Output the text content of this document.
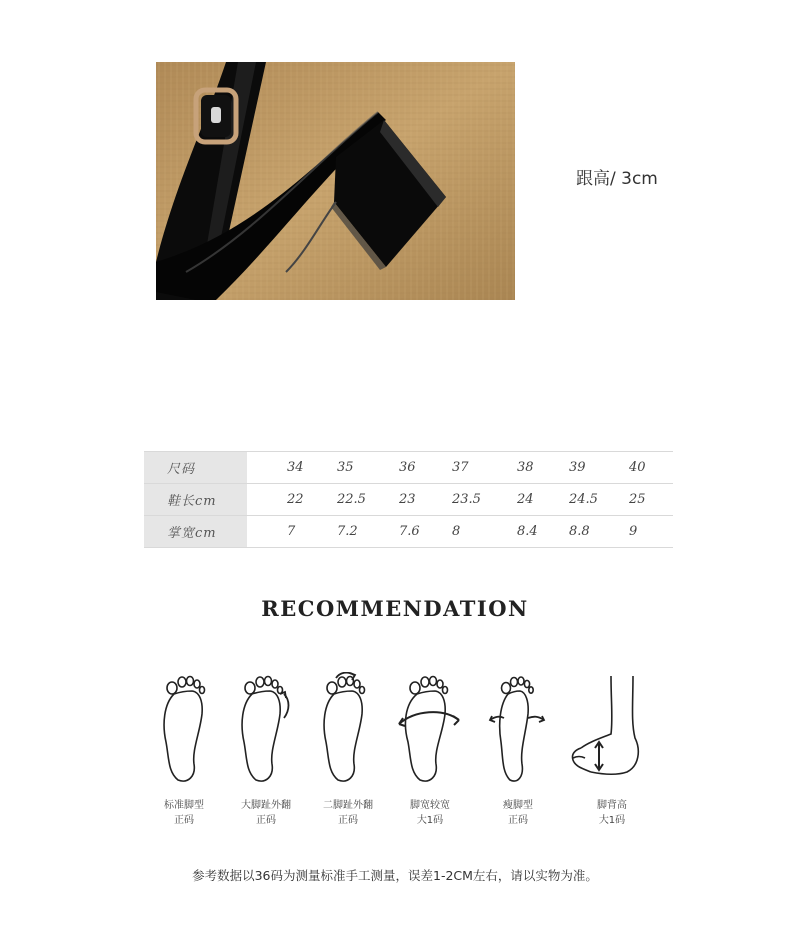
跟高/ 3cm
尺码	34	35	36	37	38	39	40
鞋长cm	22	22.5	23	23.5	24	24.5	25
掌宽cm	7	7.2	7.6	8	8.4	8.8	9
RECOMMENDATION
标准脚型
正码
大脚趾外翻
正码
二脚趾外翻
正码
脚宽较宽
大1码
瘦脚型
正码
脚背高
大1码
参考数据以36码为测量标准手工测量，误差1-2CM左右，请以实物为准。
